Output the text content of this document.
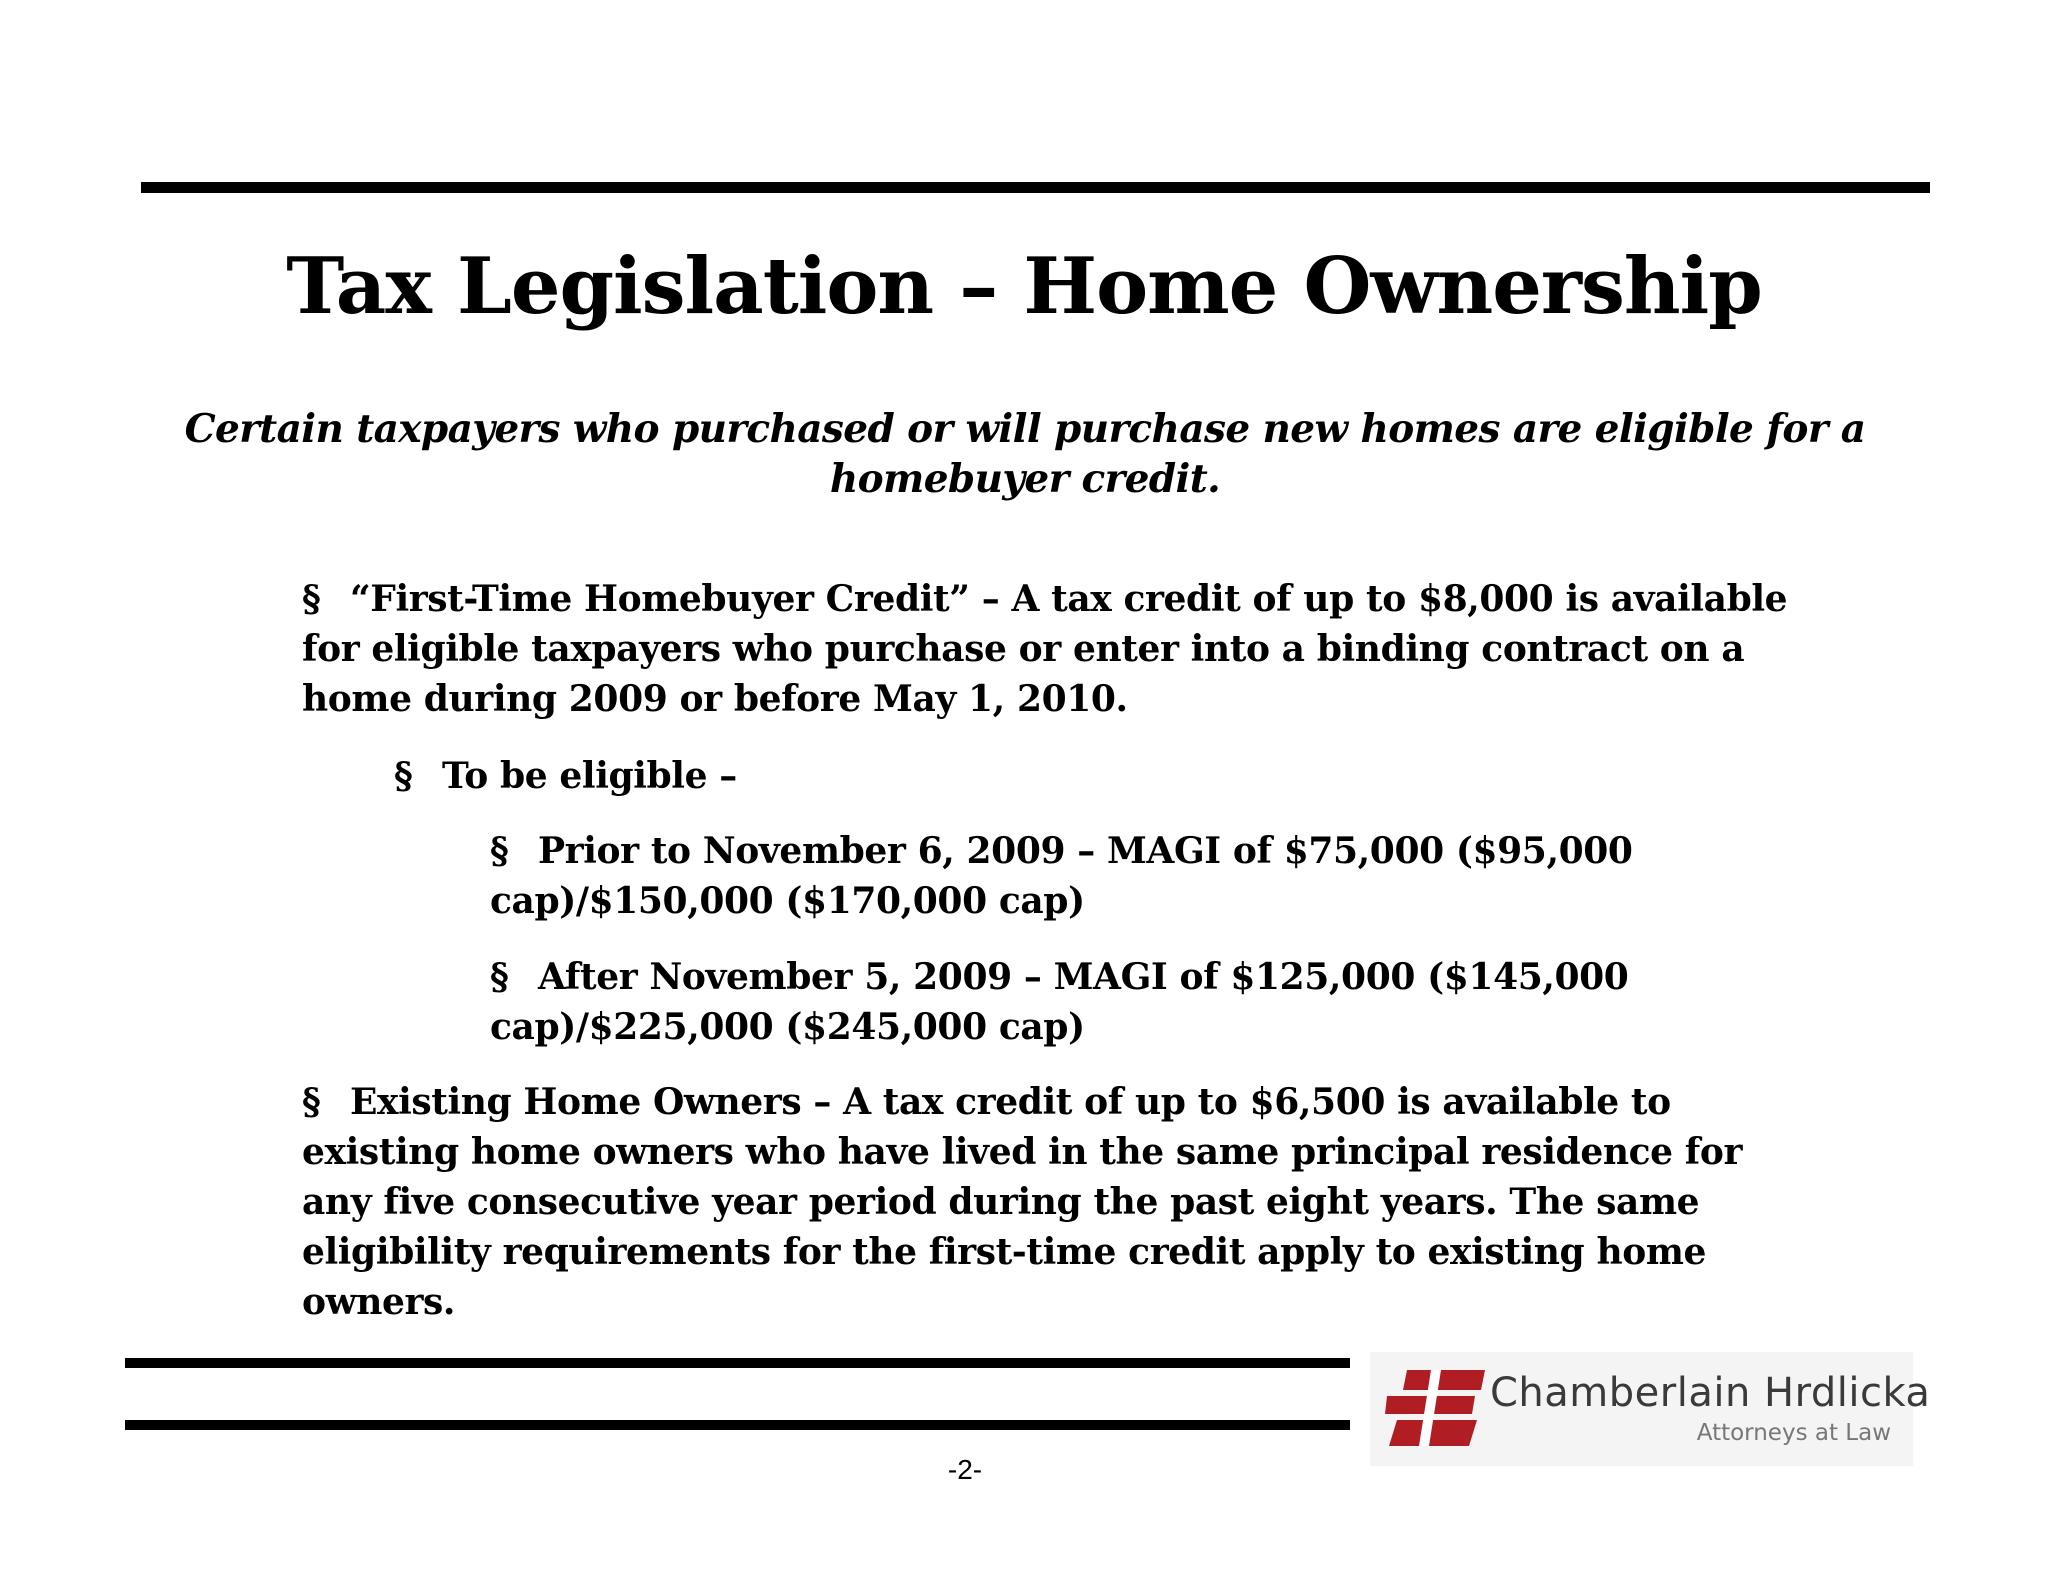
Tax Legislation – Home Ownership
Certain taxpayers who purchased or will purchase new homes are eligible for a homebuyer credit.
§ “First-Time Homebuyer Credit” – A tax credit of up to $8,000 is available for eligible taxpayers who purchase or enter into a binding contract on a home during 2009 or before May 1, 2010.
§ To be eligible –
§ Prior to November 6, 2009 – MAGI of $75,000 ($95,000 cap)/$150,000 ($170,000 cap)
§ After November 5, 2009 – MAGI of $125,000 ($145,000 cap)/$225,000 ($245,000 cap)
§ Existing Home Owners – A tax credit of up to $6,500 is available to existing home owners who have lived in the same principal residence for any five consecutive year period during the past eight years. The same eligibility requirements for the first-time credit apply to existing home owners.
Chamberlain Hrdlicka
Attorneys at Law
-2-
